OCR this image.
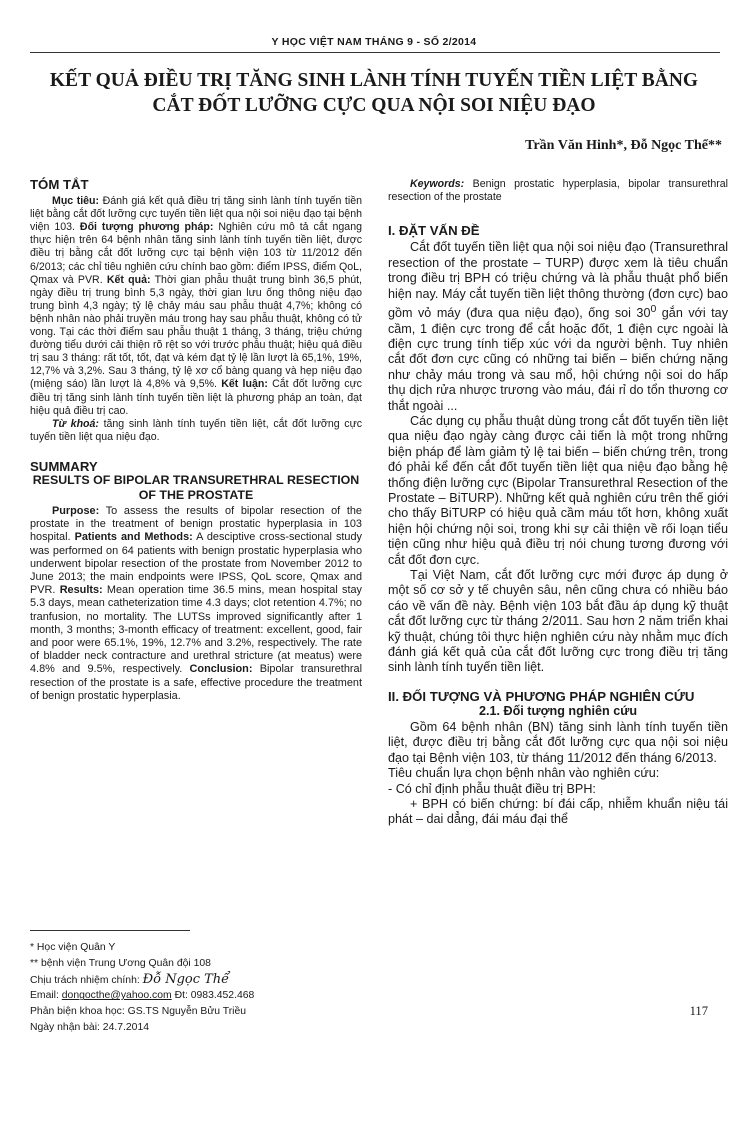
Y HỌC VIỆT NAM THÁNG 9 - SỐ 2/2014
KẾT QUẢ ĐIỀU TRỊ TĂNG SINH LÀNH TÍNH TUYẾN TIỀN LIỆT BẰNG CẮT ĐỐT LƯỠNG CỰC QUA NỘI SOI NIỆU ĐẠO
Trần Văn Hinh*, Đỗ Ngọc Thể**
TÓM TẮT

Mục tiêu: Đánh giá kết quả điều trị tăng sinh lành tính tuyến tiền liệt bằng cắt đốt lưỡng cực tuyến tiền liệt qua nội soi niệu đạo tại bệnh viện 103. Đối tượng phương pháp: Nghiên cứu mô tả cắt ngang thực hiện trên 64 bệnh nhân tăng sinh lành tính tuyến tiền liệt, được điều trị bằng cắt đốt lưỡng cực tại bệnh viện 103 từ 11/2012 đến 6/2013; các chỉ tiêu nghiên cứu chính bao gồm: điểm IPSS, điểm QoL, Qmax và PVR. Kết quả: Thời gian phẫu thuật trung bình 36,5 phút, ngày điều trị trung bình 5,3 ngày, thời gian lưu ống thông niệu đạo trung bình 4,3 ngày; tỷ lệ chảy máu sau phẫu thuật 4,7%; không có bệnh nhân nào phải truyền máu trong hay sau phẫu thuật, không có tử vong. Tại các thời điểm sau phẫu thuật 1 tháng, 3 tháng, triệu chứng đường tiểu dưới cải thiện rõ rệt so với trước phẫu thuật; hiệu quả điều trị sau 3 tháng: rất tốt, tốt, đạt và kém đạt tỷ lệ lần lượt là 65,1%, 19%, 12,7% và 3,2%. Sau 3 tháng, tỷ lệ xơ cổ bàng quang và hẹp niệu đạo (miệng sáo) lần lượt là 4,8% và 9,5%. Kết luận: Cắt đốt lưỡng cực điều trị tăng sinh lành tính tuyến tiền liệt là phương pháp an toàn, đạt hiệu quả điều trị cao.

Từ khoá: tăng sinh lành tính tuyến tiền liệt, cắt đốt lưỡng cực tuyến tiền liệt qua niệu đạo.

SUMMARY
RESULTS OF BIPOLAR TRANSURETHRAL RESECTION OF THE PROSTATE

Purpose: To assess the results of bipolar resection of the prostate in the treatment of benign prostatic hyperplasia in 103 hospital. Patients and Methods: A desciptive cross-sectional study was performed on 64 patients with benign prostatic hyperplasia who underwent bipolar resection of the prostate from November 2012 to June 2013; the main endpoints were IPSS, QoL score, Qmax and PVR. Results: Mean operation time 36.5 mins, mean hospital stay 5.3 days, mean catheterization time 4.3 days; clot retention 4.7%; no tranfusion, no mortality. The LUTSs improved significantly after 1 month, 3 months; 3-month efficacy of treatment: excellent, good, fair and poor were 65.1%, 19%, 12.7% and 3.2%, respectively. The rate of bladder neck contracture and urethral stricture (at meatus) were 4.8% and 9.5%, respectively. Conclusion: Bipolar transurethral resection of the prostate is a safe, effective procedure the treatment of benign prostatic hyperplasia.

Keywords: Benign prostatic hyperplasia, bipolar transurethral resection of the prostate

I. ĐẶT VẤN ĐỀ

Cắt đốt tuyến tiền liệt qua nội soi niệu đạo (Transurethral resection of the prostate – TURP) được xem là tiêu chuẩn trong điều trị BPH có triệu chứng và là phẫu thuật phổ biến hiện nay. Máy cắt tuyến tiền liệt thông thường (đơn cực) bao gồm vỏ máy (đưa qua niệu đạo), ống soi $30^0$ gắn với tay cầm, 1 điện cực trong để cắt hoặc đốt, 1 điện cực ngoài là điện cực trung tính tiếp xúc với da người bệnh. Tuy nhiên cắt đốt đơn cực cũng có những tai biến – biến chứng nặng như chảy máu trong và sau mổ, hội chứng nội soi do hấp thụ dịch rửa nhược trương vào máu, đái rỉ do tổn thương cơ thắt ngoài ...

Các dụng cụ phẫu thuật dùng trong cắt đốt tuyến tiền liệt qua niệu đạo ngày càng được cải tiến là một trong những biện pháp để làm giảm tỷ lệ tai biến – biến chứng trên, trong đó phải kể đến cắt đốt tuyến tiền liệt qua niệu đạo bằng hệ thống điện lưỡng cực (Bipolar Transurethral Resection of the Prostate – BiTURP). Những kết quả nghiên cứu trên thế giới cho thấy BiTURP có hiệu quả cầm máu tốt hơn, không xuất hiện hội chứng nội soi, trong khi sự cải thiện về rối loạn tiểu tiện cũng như hiệu quả điều trị nói chung tương đương với cắt đốt đơn cực.

Tại Việt Nam, cắt đốt lưỡng cực mới được áp dụng ở một số cơ sở y tế chuyên sâu, nên cũng chưa có nhiều báo cáo về vấn đề này. Bệnh viện 103 bắt đầu áp dụng kỹ thuật cắt đốt lưỡng cực từ tháng 2/2011. Sau hơn 2 năm triển khai kỹ thuật, chúng tôi thực hiện nghiên cứu này nhằm mục đích đánh giá kết quả của cắt đốt lưỡng cực trong điều trị tăng sinh lành tính tuyến tiền liệt.

II. ĐỐI TƯỢNG VÀ PHƯƠNG PHÁP NGHIÊN CỨU
2.1. Đối tượng nghiên cứu

Gồm 64 bệnh nhân (BN) tăng sinh lành tính tuyến tiền liệt, được điều trị bằng cắt đốt lưỡng cực qua nội soi niệu đạo tại Bệnh viện 103, từ tháng 11/2012 đến tháng 6/2013.

Tiêu chuẩn lựa chọn bệnh nhân vào nghiên cứu:

- Có chỉ định phẫu thuật điều trị BPH:

+ BPH có biến chứng: bí đái cấp, nhiễm khuẩn niệu tái phát – dai dẳng, đái máu đại thể

* Học viện Quân Y
** bệnh viện Trung Ương Quân đội 108
Chịu trách nhiệm chính: Đỗ Ngọc Thể
Email: dongocthe@yahoo.com Đt: 0983.452.468
Phản biện khoa học: GS.TS Nguyễn Bửu Triều
Ngày nhận bài: 24.7.2014
117
